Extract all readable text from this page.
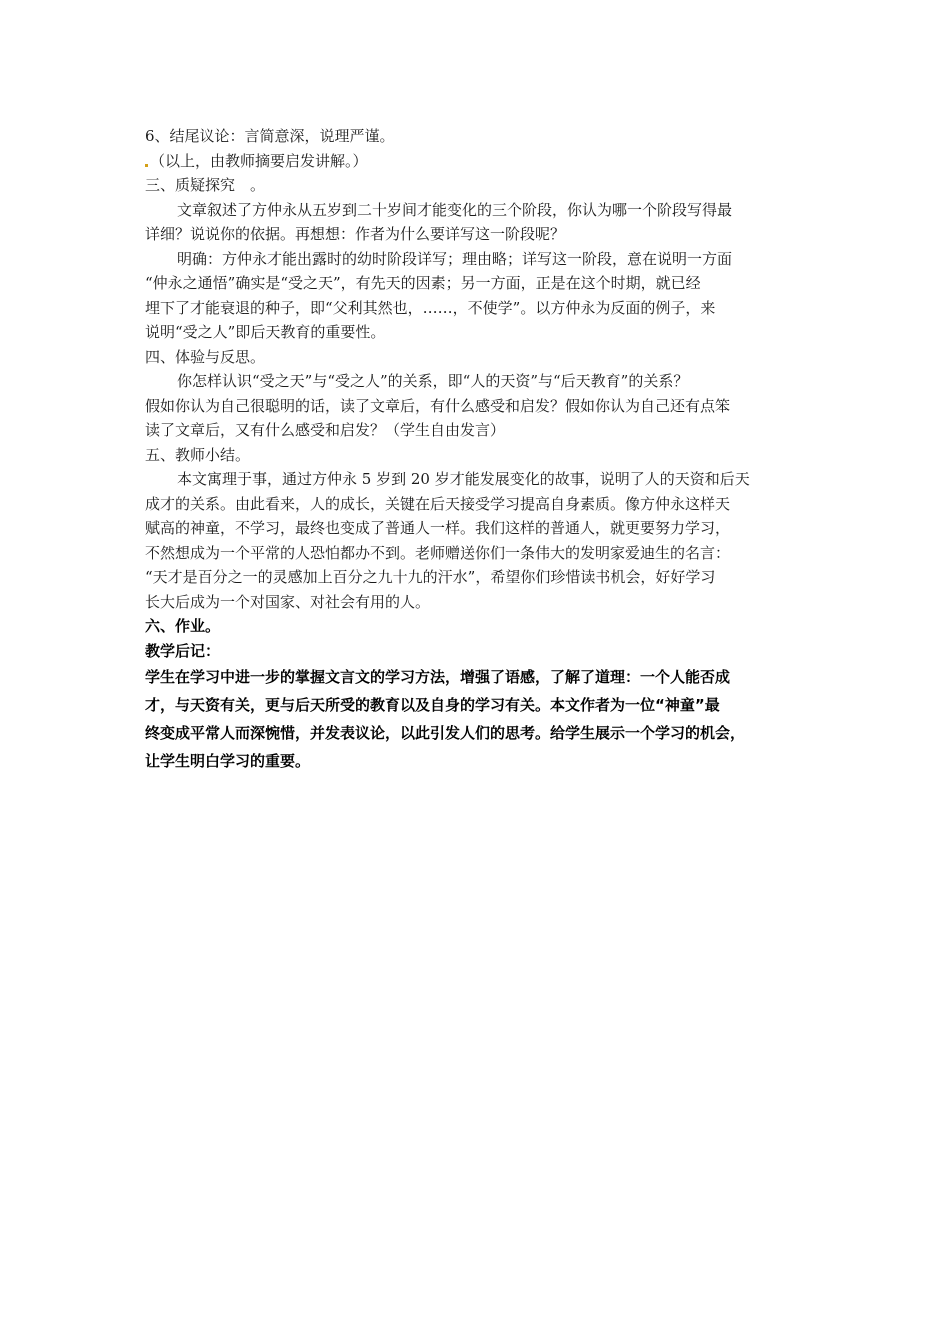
6、结尾议论：言简意深，说理严谨。

（以上，由教师摘要启发讲解。）

三、质疑探究　。

文章叙述了方仲永从五岁到二十岁间才能变化的三个阶段，你认为哪一个阶段写得最

详细？说说你的依据。再想想：作者为什么要详写这一阶段呢？

明确：方仲永才能出露时的幼时阶段详写；理由略；详写这一阶段，意在说明一方面

“仲永之通悟”确实是“受之天”，有先天的因素；另一方面，正是在这个时期，就已经

埋下了才能衰退的种子，即“父利其然也，……，不使学”。以方仲永为反面的例子，来

说明“受之人”即后天教育的重要性。

四、体验与反思。

你怎样认识“受之天”与“受之人”的关系，即“人的天资”与“后天教育”的关系？

假如你认为自己很聪明的话，读了文章后，有什么感受和启发？假如你认为自己还有点笨

读了文章后，又有什么感受和启发？（学生自由发言）

五、教师小结。

本文寓理于事，通过方仲永 5 岁到 20 岁才能发展变化的故事，说明了人的天资和后天

成才的关系。由此看来，人的成长，关键在后天接受学习提高自身素质。像方仲永这样天

赋高的神童，不学习，最终也变成了普通人一样。我们这样的普通人，就更要努力学习，

不然想成为一个平常的人恐怕都办不到。老师赠送你们一条伟大的发明家爱迪生的名言：

“天才是百分之一的灵感加上百分之九十九的汗水”，希望你们珍惜读书机会，好好学习

长大后成为一个对国家、对社会有用的人。

六、作业。

教学后记：

学生在学习中进一步的掌握文言文的学习方法，增强了语感，了解了道理：一个人能否成

才，与天资有关，更与后天所受的教育以及自身的学习有关。本文作者为一位“神童”最

终变成平常人而深惋惜，并发表议论，以此引发人们的思考。给学生展示一个学习的机会，

让学生明白学习的重要。
